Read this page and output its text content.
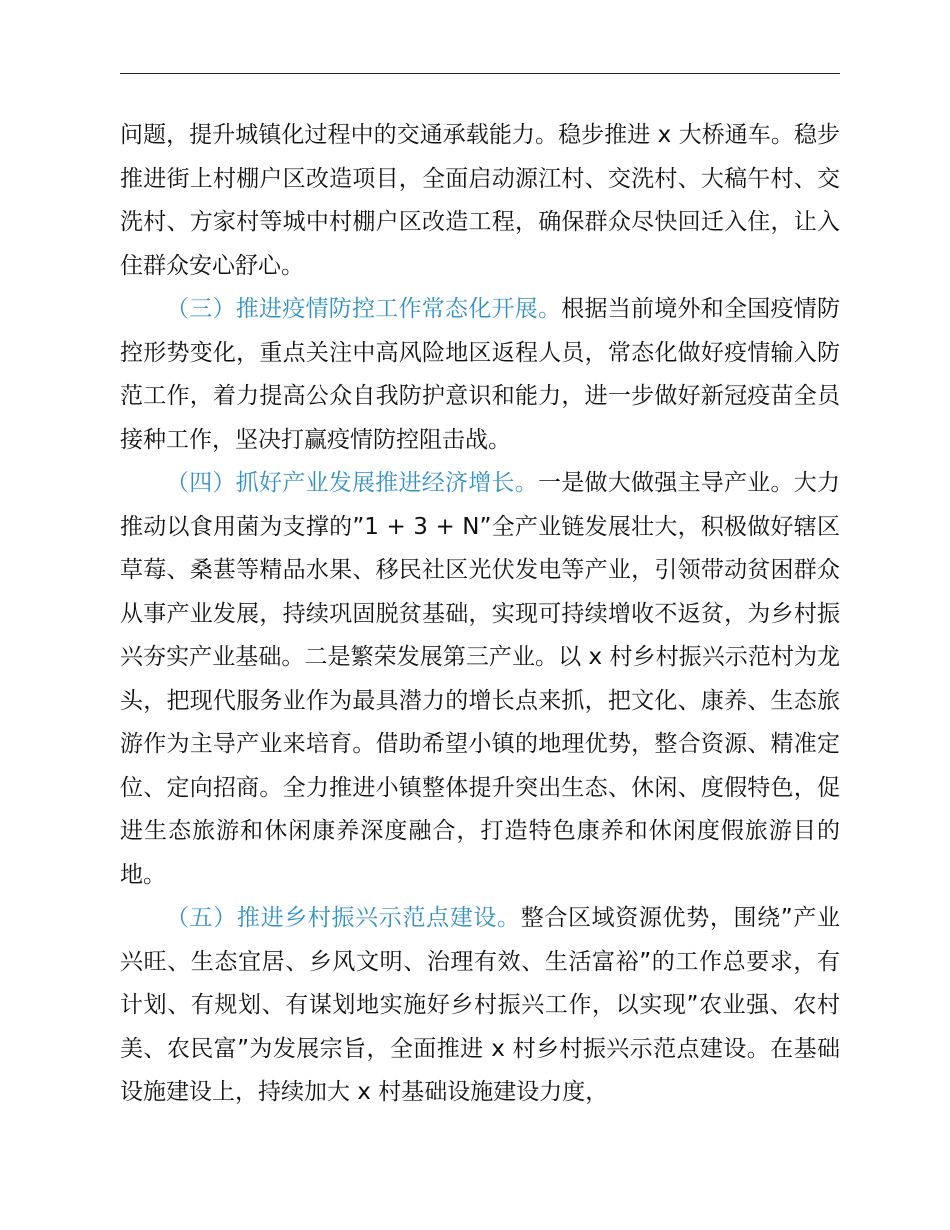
问题，提升城镇化过程中的交通承载能力。稳步推进 x 大桥通车。稳步推进街上村棚户区改造项目，全面启动源江村、交洗村、大稿午村、交洗村、方家村等城中村棚户区改造工程，确保群众尽快回迁入住，让入住群众安心舒心。

（三）推进疫情防控工作常态化开展。根据当前境外和全国疫情防控形势变化，重点关注中高风险地区返程人员，常态化做好疫情输入防范工作，着力提高公众自我防护意识和能力，进一步做好新冠疫苗全员接种工作，坚决打赢疫情防控阻击战。

（四）抓好产业发展推进经济增长。一是做大做强主导产业。大力推动以食用菌为支撑的”1 + 3 + N”全产业链发展壮大，积极做好辖区草莓、桑葚等精品水果、移民社区光伏发电等产业，引领带动贫困群众从事产业发展，持续巩固脱贫基础，实现可持续增收不返贫，为乡村振兴夯实产业基础。二是繁荣发展第三产业。以 x 村乡村振兴示范村为龙头，把现代服务业作为最具潜力的增长点来抓，把文化、康养、生态旅游作为主导产业来培育。借助希望小镇的地理优势，整合资源、精准定位、定向招商。全力推进小镇整体提升突出生态、休闲、度假特色，促进生态旅游和休闲康养深度融合，打造特色康养和休闲度假旅游目的地。

（五）推进乡村振兴示范点建设。整合区域资源优势，围绕”产业兴旺、生态宜居、乡风文明、治理有效、生活富裕”的工作总要求，有计划、有规划、有谋划地实施好乡村振兴工作，以实现”农业强、农村美、农民富”为发展宗旨，全面推进 x 村乡村振兴示范点建设。在基础设施建设上，持续加大 x 村基础设施建设力度，
